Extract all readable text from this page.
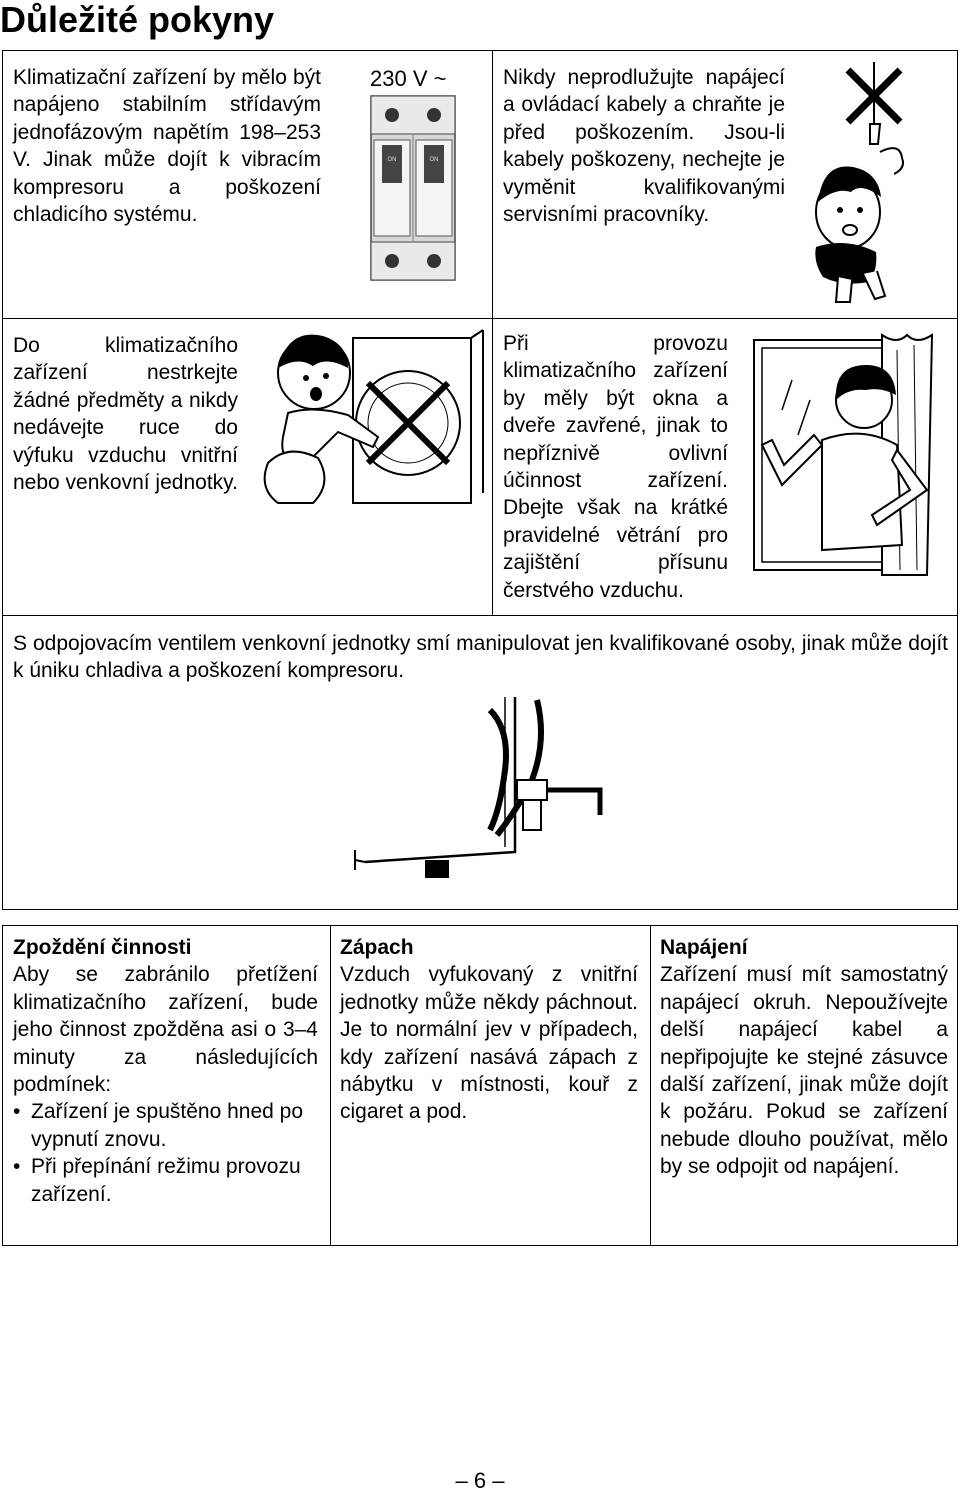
Důležité pokyny
Klimatizační zařízení by mělo být napájeno stabilním střídavým jednofázovým napětím 198–253 V. Jinak může dojít k vibracím kompresoru a poškození chladicího systému.
230 V ~
ON	ON
Nikdy neprodlužujte napájecí a ovládací kabely a chraňte je před poškozením. Jsou-li kabely poškozeny, nechejte je vyměnit kvalifikovanými servisními pracovníky.
Do klimatizačního zařízení nestrkejte žádné předměty a nikdy nedávejte ruce do výfuku vzduchu vnitřní nebo venkovní jednotky.
Při provozu klimatizačního zařízení by měly být okna a dveře zavřené, jinak to nepříznivě ovlivní účinnost zařízení. Dbejte však na krátké pravidelné větrání pro zajištění přísunu čerstvého vzduchu.
S odpojovacím ventilem venkovní jednotky smí manipulovat jen kvalifikované osoby, jinak může dojít k úniku chladiva a poškození kompresoru.
Zpoždění činnosti
Aby se zabránilo přetížení klimatizačního zařízení, bude jeho činnost zpožděna asi o 3–4 minuty za následujících podmínek:
• Zařízení je spuštěno hned po vypnutí znovu.
• Při přepínání režimu provozu zařízení.
Zápach
Vzduch vyfukovaný z vnitřní jednotky může někdy páchnout. Je to normální jev v případech, kdy zařízení nasává zápach z nábytku v místnosti, kouř z cigaret a pod.
Napájení
Zařízení musí mít samostatný napájecí okruh. Nepoužívejte delší napájecí kabel a nepřipojujte ke stejné zásuvce další zařízení, jinak může dojít k požáru. Pokud se zařízení nebude dlouho používat, mělo by se odpojit od napájení.
– 6 –
